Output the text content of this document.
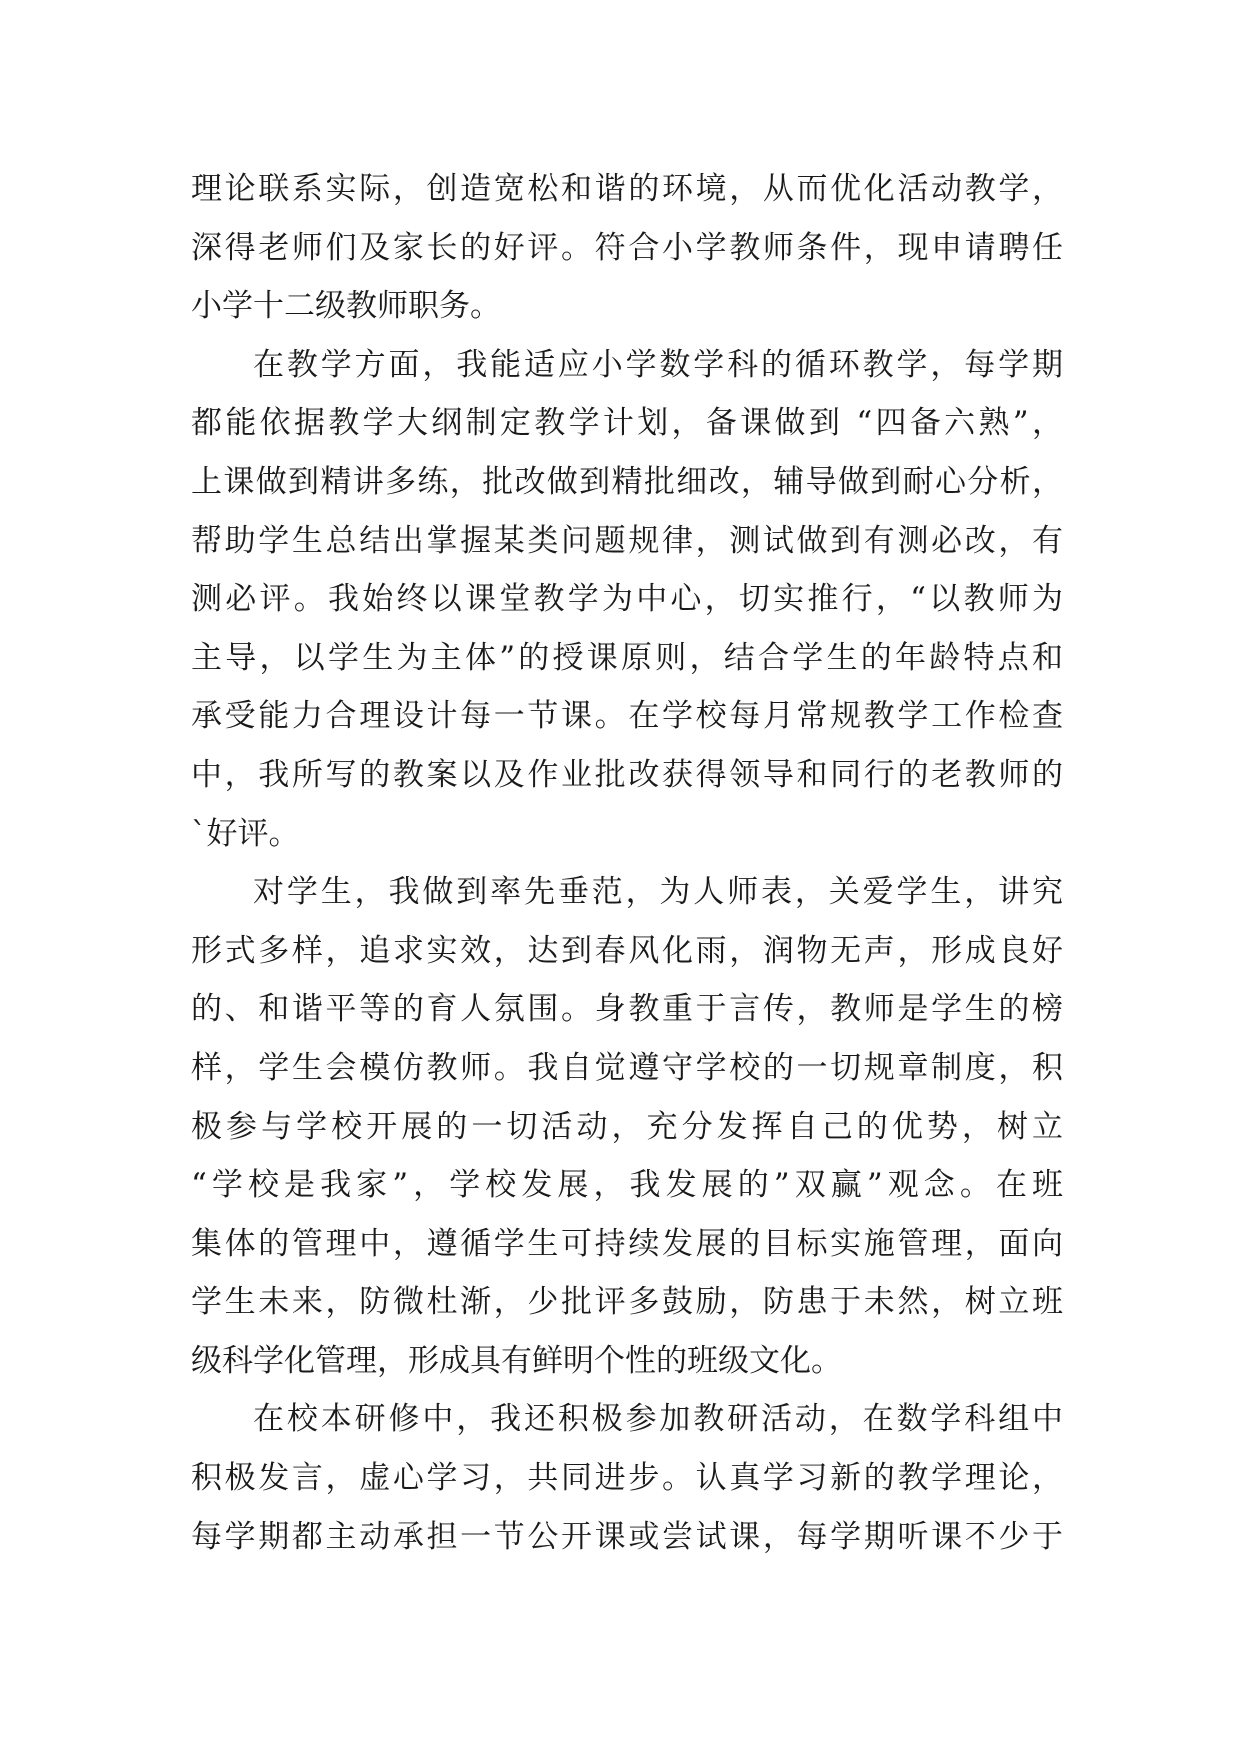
理论联系实际，创造宽松和谐的环境，从而优化活动教学，
深得老师们及家长的好评。符合小学教师条件，现申请聘任
小学十二级教师职务。
在教学方面，我能适应小学数学科的循环教学，每学期
都能依据教学大纲制定教学计划，备课做到 “四备六熟”，
上课做到精讲多练，批改做到精批细改，辅导做到耐心分析，
帮助学生总结出掌握某类问题规律，测试做到有测必改，有
测必评。我始终以课堂教学为中心，切实推行，“以教师为
主导，以学生为主体”的授课原则，结合学生的年龄特点和
承受能力合理设计每一节课。在学校每月常规教学工作检查
中，我所写的教案以及作业批改获得领导和同行的老教师的
`好评。
对学生，我做到率先垂范，为人师表，关爱学生，讲究
形式多样，追求实效，达到春风化雨，润物无声，形成良好
的、和谐平等的育人氛围。身教重于言传，教师是学生的榜
样，学生会模仿教师。我自觉遵守学校的一切规章制度，积
极参与学校开展的一切活动，充分发挥自己的优势，树立
“学校是我家”，学校发展，我发展的”双赢”观念。在班
集体的管理中，遵循学生可持续发展的目标实施管理，面向
学生未来，防微杜渐，少批评多鼓励，防患于未然，树立班
级科学化管理，形成具有鲜明个性的班级文化。
在校本研修中，我还积极参加教研活动，在数学科组中
积极发言，虚心学习，共同进步。认真学习新的教学理论，
每学期都主动承担一节公开课或尝试课，每学期听课不少于
